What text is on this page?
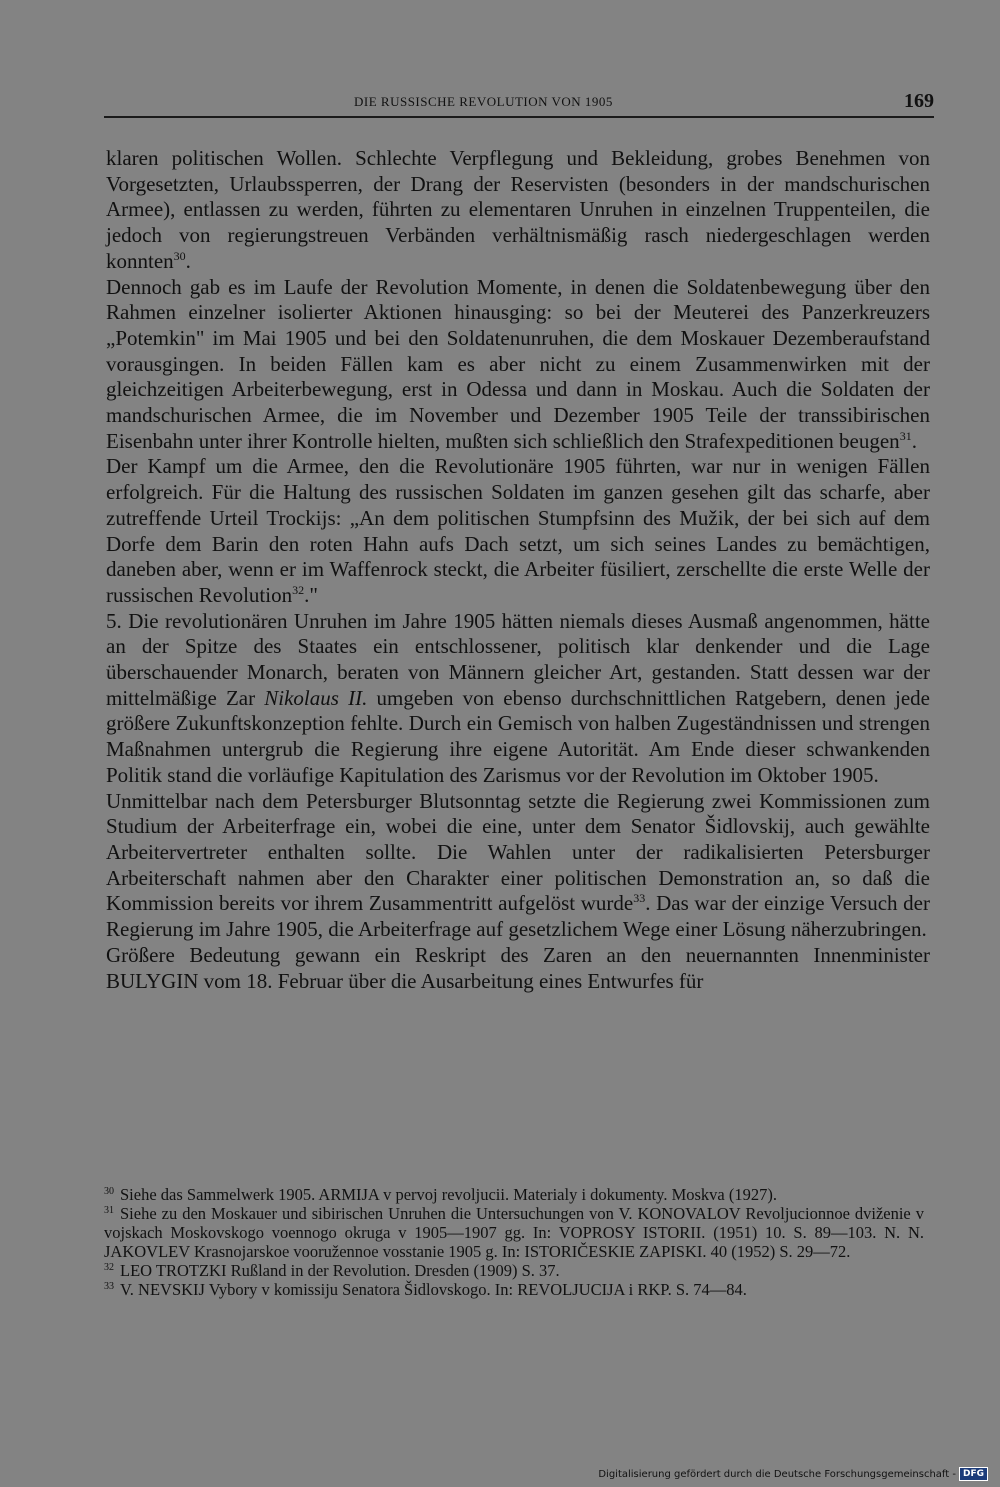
DIE RUSSISCHE REVOLUTION VON 1905	169

klaren politischen Wollen. Schlechte Verpflegung und Bekleidung, grobes Benehmen von Vorgesetzten, Urlaubssperren, der Drang der Reservisten (besonders in der mandschurischen Armee), entlassen zu werden, führten zu elementaren Unruhen in einzelnen Truppenteilen, die jedoch von regierungstreuen Verbänden verhältnismäßig rasch niedergeschlagen werden konnten$^{30}$.

Dennoch gab es im Laufe der Revolution Momente, in denen die Soldatenbewegung über den Rahmen einzelner isolierter Aktionen hinausging: so bei der Meuterei des Panzerkreuzers „Potemkin" im Mai 1905 und bei den Soldatenunruhen, die dem Moskauer Dezemberaufstand vorausgingen. In beiden Fällen kam es aber nicht zu einem Zusammenwirken mit der gleichzeitigen Arbeiterbewegung, erst in Odessa und dann in Moskau. Auch die Soldaten der mandschurischen Armee, die im November und Dezember 1905 Teile der transsibirischen Eisenbahn unter ihrer Kontrolle hielten, mußten sich schließlich den Strafexpeditionen beugen$^{31}$.

Der Kampf um die Armee, den die Revolutionäre 1905 führten, war nur in wenigen Fällen erfolgreich. Für die Haltung des russischen Soldaten im ganzen gesehen gilt das scharfe, aber zutreffende Urteil Trockijs: „An dem politischen Stumpfsinn des Mužik, der bei sich auf dem Dorfe dem Barin den roten Hahn aufs Dach setzt, um sich seines Landes zu bemächtigen, daneben aber, wenn er im Waffenrock steckt, die Arbeiter füsiliert, zerschellte die erste Welle der russischen Revolution$^{32}$."

5. Die revolutionären Unruhen im Jahre 1905 hätten niemals dieses Ausmaß angenommen, hätte an der Spitze des Staates ein entschlossener, politisch klar denkender und die Lage überschauender Monarch, beraten von Männern gleicher Art, gestanden. Statt dessen war der mittelmäßige Zar Nikolaus II. umgeben von ebenso durchschnittlichen Ratgebern, denen jede größere Zukunftskonzeption fehlte. Durch ein Gemisch von halben Zugeständnissen und strengen Maßnahmen untergrub die Regierung ihre eigene Autorität. Am Ende dieser schwankenden Politik stand die vorläufige Kapitulation des Zarismus vor der Revolution im Oktober 1905.

Unmittelbar nach dem Petersburger Blutsonntag setzte die Regierung zwei Kommissionen zum Studium der Arbeiterfrage ein, wobei die eine, unter dem Senator Šidlovskij, auch gewählte Arbeitervertreter enthalten sollte. Die Wahlen unter der radikalisierten Petersburger Arbeiterschaft nahmen aber den Charakter einer politischen Demonstration an, so daß die Kommission bereits vor ihrem Zusammentritt aufgelöst wurde$^{33}$. Das war der einzige Versuch der Regierung im Jahre 1905, die Arbeiterfrage auf gesetzlichem Wege einer Lösung näherzubringen.

Größere Bedeutung gewann ein Reskript des Zaren an den neuernannten Innenminister BULYGIN vom 18. Februar über die Ausarbeitung eines Entwurfes für

$^{30}$ Siehe das Sammelwerk 1905. ARMIJA v pervoj revoljucii. Materialy i dokumenty. Moskva (1927).

$^{31}$ Siehe zu den Moskauer und sibirischen Unruhen die Untersuchungen von V. KONOVALOV Revoljucionnoe dviženie v vojskach Moskovskogo voennogo okruga v 1905—1907 gg. In: VOPROSY ISTORII. (1951) 10. S. 89—103. N. N. JAKOVLEV Krasnojarskoe vooružennoe vosstanie 1905 g. In: ISTORIČESKIE ZAPISKI. 40 (1952) S. 29—72.

$^{32}$ LEO TROTZKI Rußland in der Revolution. Dresden (1909) S. 37.

$^{33}$ V. NEVSKIJ Vybory v komissiju Senatora Šidlovskogo. In: REVOLJUCIJA i RKP. S. 74—84.

Digitalisierung gefördert durch die Deutsche Forschungsgemeinschaft - DFG
